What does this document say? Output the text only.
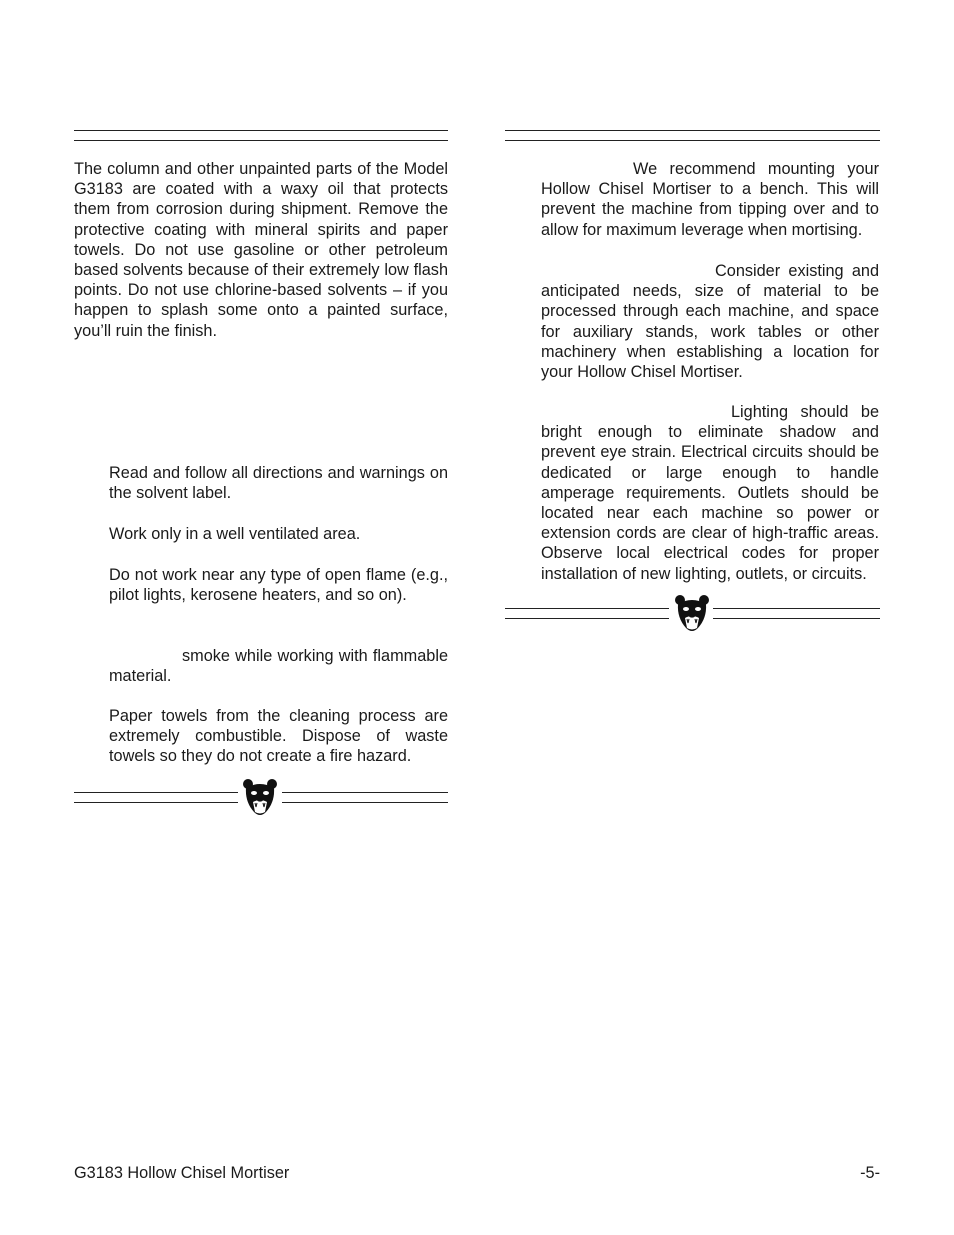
The column and other unpainted parts of the Model G3183 are coated with a waxy oil that protects them from corrosion during shipment. Remove the protective coating with mineral spirits and paper towels. Do not use gasoline or other petroleum based solvents because of their extremely low flash points. Do not use chlorine-based solvents – if you happen to splash some onto a painted surface, you’ll ruin the finish.

Read and follow all directions and warnings on the solvent label.

Work only in a well ventilated area.

Do not work near any type of open flame (e.g., pilot lights, kerosene heaters, and so on).

smoke while working with flammable material.

Paper towels from the cleaning process are extremely combustible. Dispose of waste towels so they do not create a fire hazard.

We recommend mounting your Hollow Chisel Mortiser to a bench. This will prevent the machine from tipping over and to allow for maximum leverage when mortising.

Consider existing and anticipated needs, size of material to be processed through each machine, and space for auxiliary stands, work tables or other machinery when establishing a location for your Hollow Chisel Mortiser.

Lighting should be bright enough to eliminate shadow and prevent eye strain. Electrical circuits should be dedicated or large enough to handle amperage requirements. Outlets should be located near each machine so power or extension cords are clear of high-traffic areas. Observe local electrical codes for proper installation of new lighting, outlets, or circuits.

G3183 Hollow Chisel Mortiser	-5-
